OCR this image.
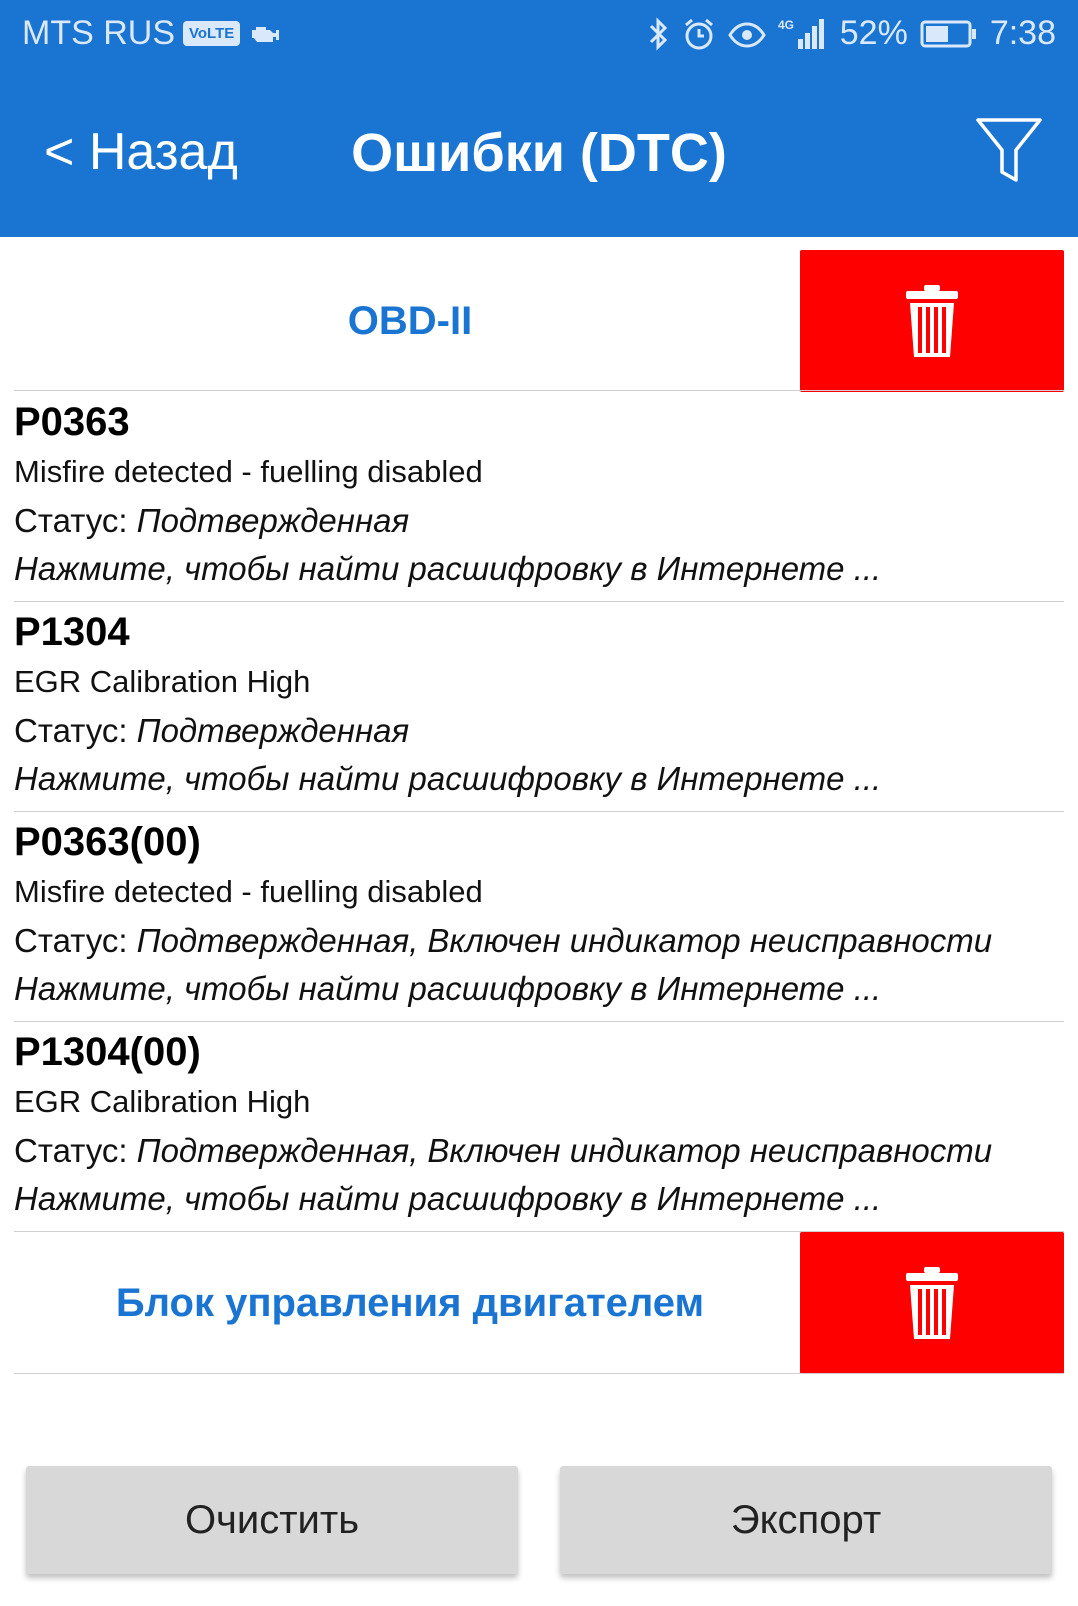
MTS RUS VoLTE
4G 52% 7:38
< Назад	Ошибки (DTC)
OBD-II
P0363
Misfire detected - fuelling disabled
Статус: Подтвержденная
Нажмите, чтобы найти расшифровку в Интернете ...
P1304
EGR Calibration High
Статус: Подтвержденная
Нажмите, чтобы найти расшифровку в Интернете ...
P0363(00)
Misfire detected - fuelling disabled
Статус: Подтвержденная, Включен индикатор неисправности
Нажмите, чтобы найти расшифровку в Интернете ...
P1304(00)
EGR Calibration High
Статус: Подтвержденная, Включен индикатор неисправности
Нажмите, чтобы найти расшифровку в Интернете ...
Блок управления двигателем
Очистить	Экспорт
